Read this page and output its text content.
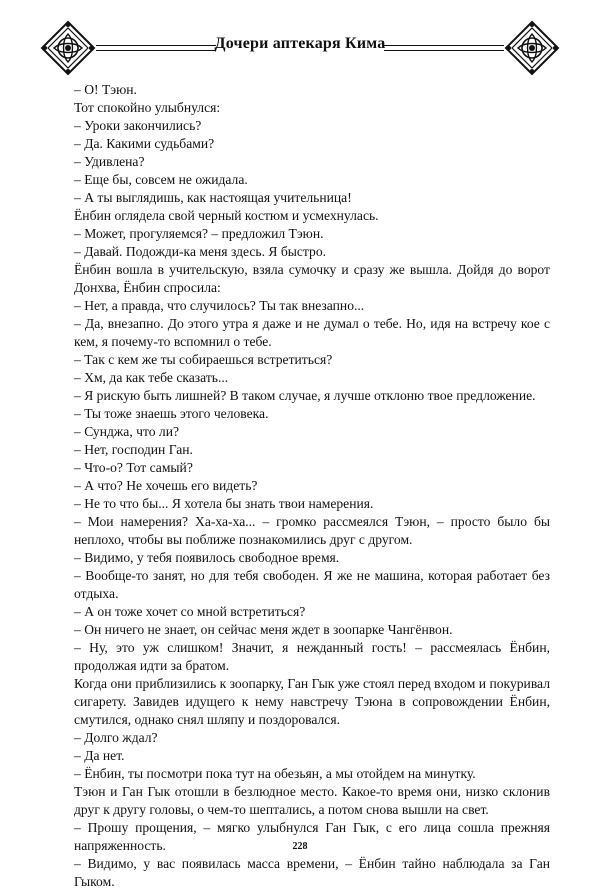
Дочери аптекаря Кима

– О! Тэюн.

Тот спокойно улыбнулся:

– Уроки закончились?

– Да. Какими судьбами?

– Удивлена?

– Еще бы, совсем не ожидала.

– А ты выглядишь, как настоящая учительница!

Ёнбин оглядела свой черный костюм и усмехнулась.

– Может, прогуляемся? – предложил Тэюн.

– Давай. Подожди-ка меня здесь. Я быстро.

Ёнбин вошла в учительскую, взяла сумочку и сразу же вышла. Дойдя до ворот Донхва, Ёнбин спросила:

– Нет, а правда, что случилось? Ты так внезапно...

– Да, внезапно. До этого утра я даже и не думал о тебе. Но, идя на встречу кое с кем, я почему-то вспомнил о тебе.

– Так с кем же ты собираешься встретиться?

– Хм, да как тебе сказать...

– Я рискую быть лишней? В таком случае, я лучше отклоню твое предложение.

– Ты тоже знаешь этого человека.

– Сунджа, что ли?

– Нет, господин Ган.

– Что-о? Тот самый?

– А что? Не хочешь его видеть?

– Не то что бы... Я хотела бы знать твои намерения.

– Мои намерения? Ха-ха-ха... – громко рассмеялся Тэюн, – просто было бы неплохо, чтобы вы поближе познакомились друг с другом.

– Видимо, у тебя появилось свободное время.

– Вообще-то занят, но для тебя свободен. Я же не машина, которая работает без отдыха.

– А он тоже хочет со мной встретиться?

– Он ничего не знает, он сейчас меня ждет в зоопарке Чангёнвон.

– Ну, это уж слишком! Значит, я нежданный гость! – рассмеялась Ёнбин, продолжая идти за братом.

Когда они приблизились к зоопарку, Ган Гык уже стоял перед входом и покуривал сигарету. Завидев идущего к нему навстречу Тэюна в сопровождении Ёнбин, смутился, однако снял шляпу и поздоровался.

– Долго ждал?

– Да нет.

– Ёнбин, ты посмотри пока тут на обезьян, а мы отойдем на минутку.

Тэюн и Ган Гык отошли в безлюдное место. Какое-то время они, низко склонив друг к другу головы, о чем-то шептались, а потом снова вышли на свет.

– Прошу прощения, – мягко улыбнулся Ган Гык, с его лица сошла прежняя напряженность.

– Видимо, у вас появилась масса времени, – Ёнбин тайно наблюдала за Ган Гыком.

228
